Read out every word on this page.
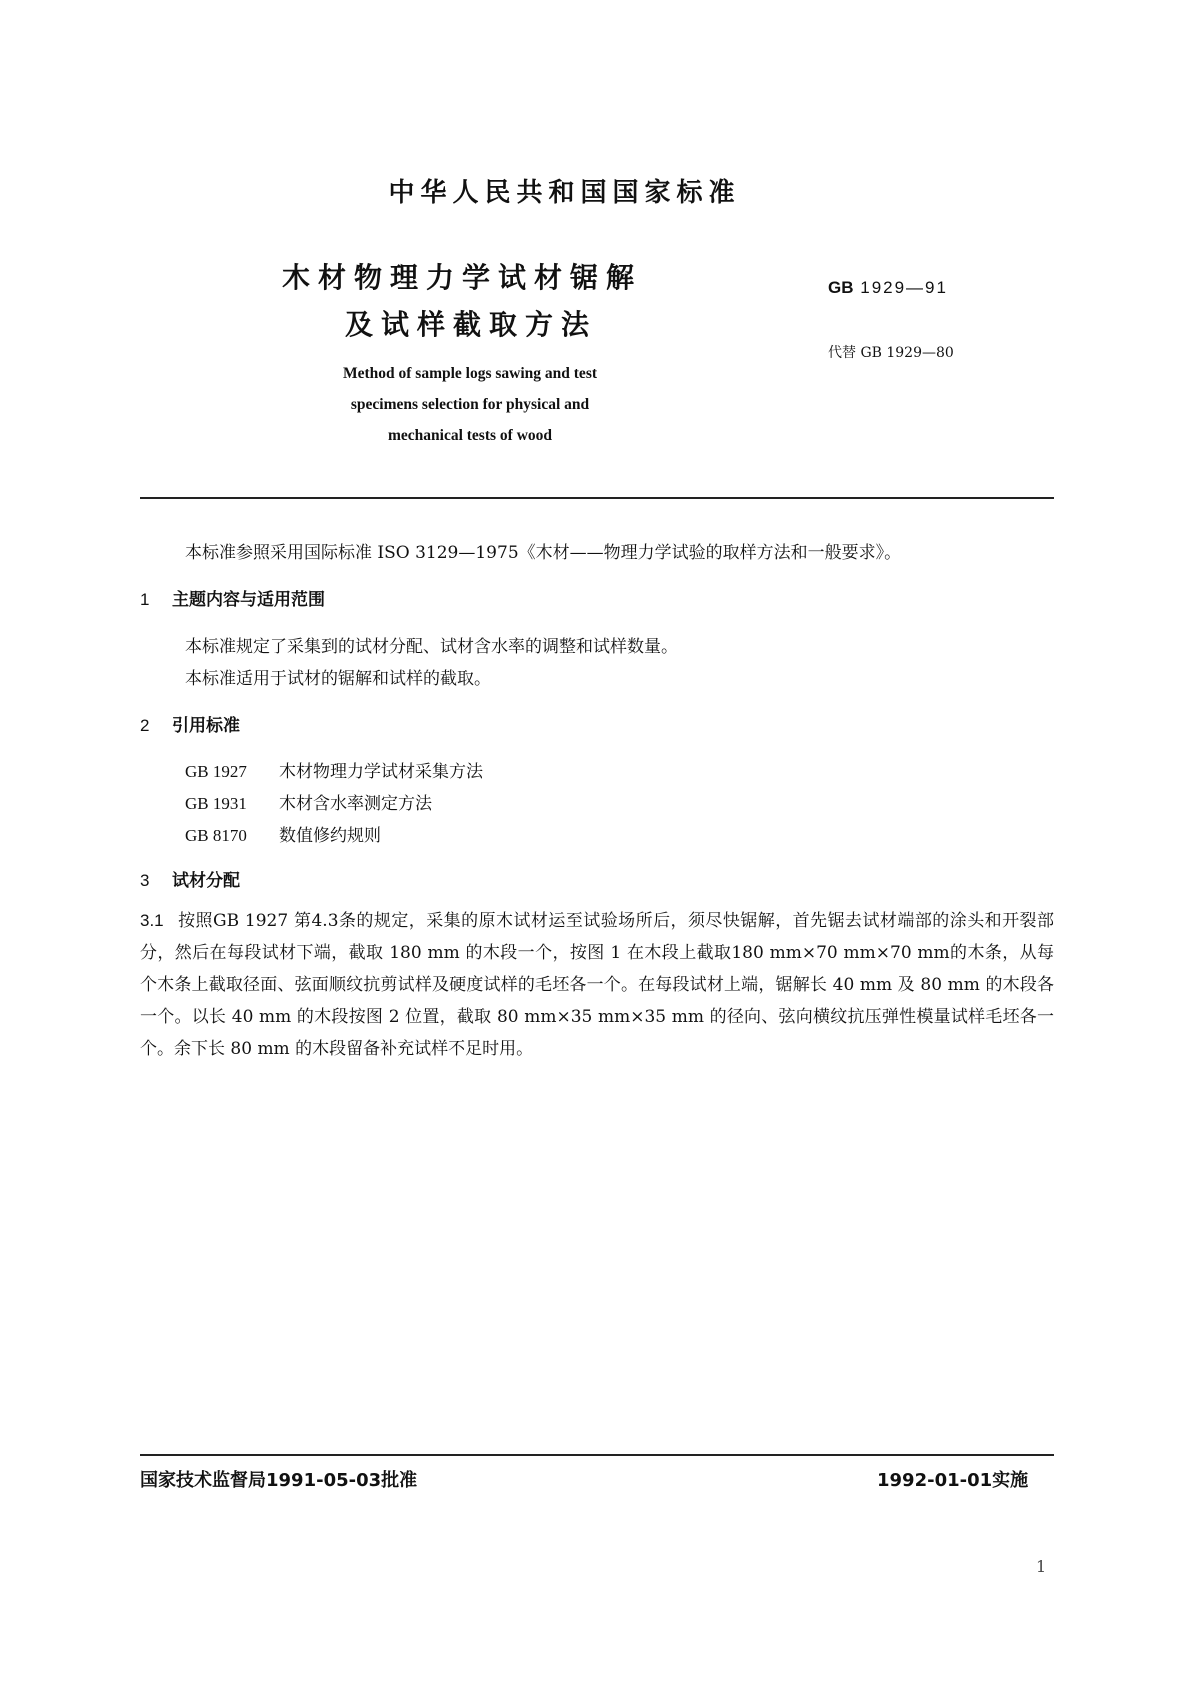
中华人民共和国国家标准
木材物理力学试材锯解
及试样截取方法
GB 1929—91
代替 GB 1929—80
Method of sample logs sawing and test
specimens selection for physical and
mechanical tests of wood
本标准参照采用国际标准 ISO 3129—1975《木材——物理力学试验的取样方法和一般要求》。
1 主题内容与适用范围
本标准规定了采集到的试材分配、试材含水率的调整和试样数量。
本标准适用于试材的锯解和试样的截取。
2 引用标准
GB 1927 木材物理力学试材采集方法
GB 1931 木材含水率测定方法
GB 8170 数值修约规则
3 试材分配
3.1 按照GB 1927 第4.3条的规定，采集的原木试材运至试验场所后，须尽快锯解，首先锯去试材端部的涂头和开裂部分，然后在每段试材下端，截取 180 mm 的木段一个，按图 1 在木段上截取180 mm×70 mm×70 mm的木条，从每个木条上截取径面、弦面顺纹抗剪试样及硬度试样的毛坯各一个。在每段试材上端，锯解长 40 mm 及 80 mm 的木段各一个。以长 40 mm 的木段按图 2 位置，截取 80 mm×35 mm×35 mm 的径向、弦向横纹抗压弹性模量试样毛坯各一个。余下长 80 mm 的木段留备补充试样不足时用。
国家技术监督局1991-05-03批准	1992-01-01实施
1
